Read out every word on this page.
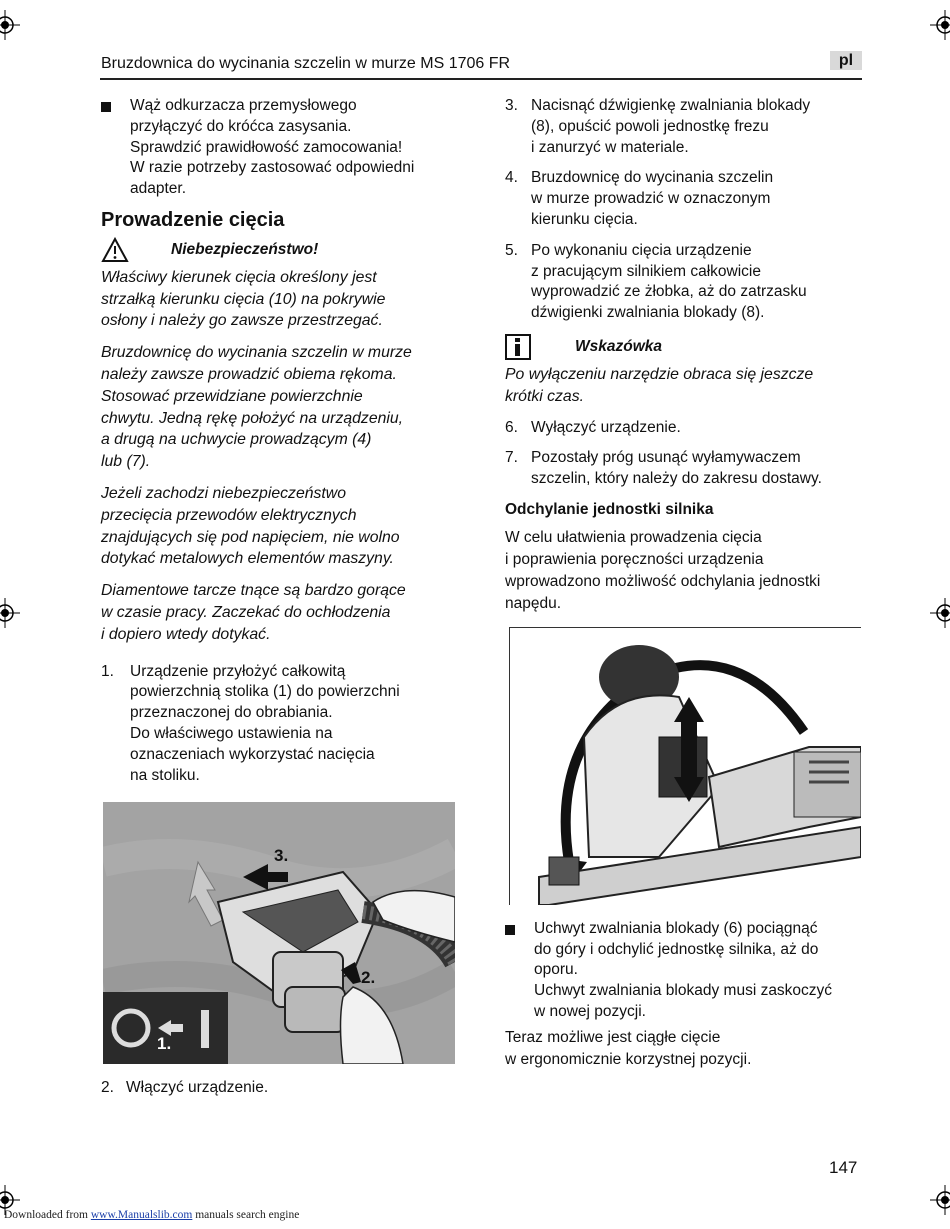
Bruzdownica do wycinania szczelin w murze MS 1706 FR	pl
Wąż odkurzacza przemysłowego
przyłączyć do króćca zasysania.
Sprawdzić prawidłowość zamocowania!
W razie potrzeby zastosować odpowiedni
adapter.
Prowadzenie cięcia
Niebezpieczeństwo!
Właściwy kierunek cięcia określony jest
strzałką kierunku cięcia (10) na pokrywie
osłony i należy go zawsze przestrzegać.
Bruzdownicę do wycinania szczelin w murze
należy zawsze prowadzić obiema rękoma.
Stosować przewidziane powierzchnie
chwytu. Jedną rękę położyć na urządzeniu,
a drugą na uchwycie prowadzącym (4)
lub (7).
Jeżeli zachodzi niebezpieczeństwo
przecięcia przewodów elektrycznych
znajdujących się pod napięciem, nie wolno
dotykać metalowych elementów maszyny.
Diamentowe tarcze tnące są bardzo gorące
w czasie pracy. Zaczekać do ochłodzenia
i dopiero wtedy dotykać.
1. Urządzenie przyłożyć całkowitą
powierzchnią stolika (1) do powierzchni
przeznaczonej do obrabiania.
Do właściwego ustawienia na
oznaczeniach wykorzystać nacięcia
na stoliku.
3.
2.
1.
2. Włączyć urządzenie.
3. Nacisnąć dźwigienkę zwalniania blokady
(8), opuścić powoli jednostkę frezu
i zanurzyć w materiale.
4. Bruzdownicę do wycinania szczelin
w murze prowadzić w oznaczonym
kierunku cięcia.
5. Po wykonaniu cięcia urządzenie
z pracującym silnikiem całkowicie
wyprowadzić ze żłobka, aż do zatrzasku
dźwigienki zwalniania blokady (8).
Wskazówka
Po wyłączeniu narzędzie obraca się jeszcze
krótki czas.
6. Wyłączyć urządzenie.
7. Pozostały próg usunąć wyłamywaczem
szczelin, który należy do zakresu dostawy.
Odchylanie jednostki silnika
W celu ułatwienia prowadzenia cięcia
i poprawienia poręczności urządzenia
wprowadzono możliwość odchylania jednostki
napędu.
Uchwyt zwalniania blokady (6) pociągnąć
do góry i odchylić jednostkę silnika, aż do
oporu.
Uchwyt zwalniania blokady musi zaskoczyć
w nowej pozycji.
Teraz możliwe jest ciągłe cięcie
w ergonomicznie korzystnej pozycji.
147
Downloaded from www.Manualslib.com manuals search engine
